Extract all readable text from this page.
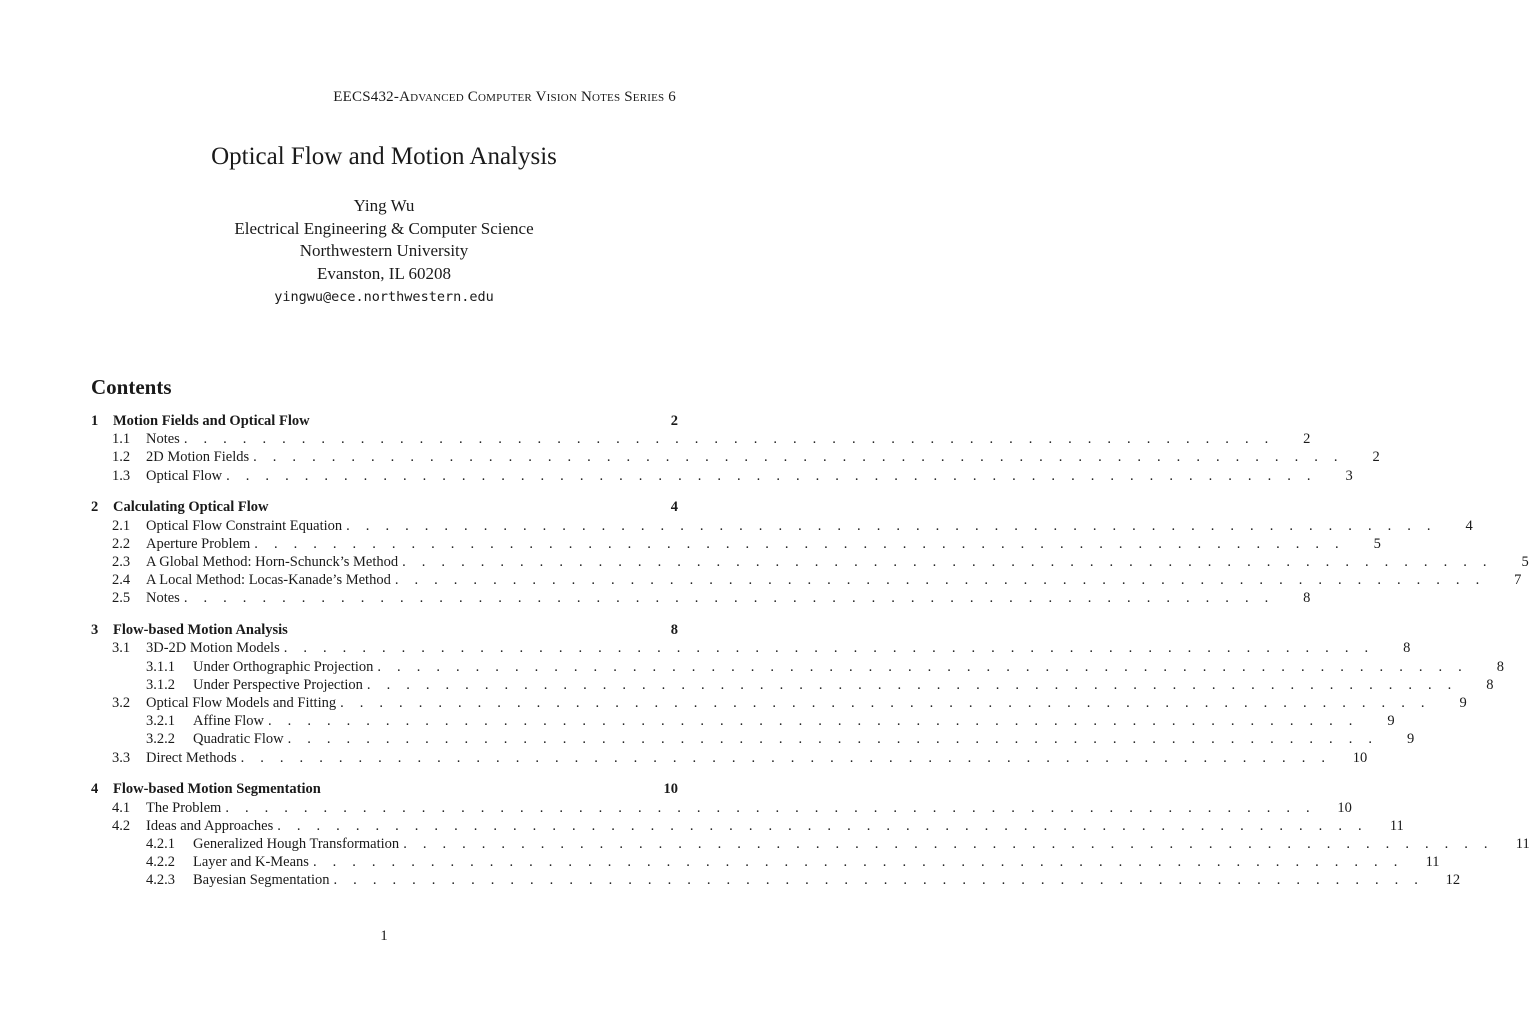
EECS432-Advanced Computer Vision Notes Series 6
Optical Flow and Motion Analysis
Ying Wu
Electrical Engineering & Computer Science
Northwestern University
Evanston, IL 60208
yingwu@ece.northwestern.edu
Contents
1	Motion Fields and Optical Flow	2
1.1	Notes . . . . . . . . . . . . . . . . . . . . . . . . . . . . . . . . . . . . . . . . . . . . . . . . . . . . . . . .	2
1.2	2D Motion Fields . . . . . . . . . . . . . . . . . . . . . . . . . . . . . . . . . . . . . . . . . . . . . . . . . . . . . . . .	2
1.3	Optical Flow . . . . . . . . . . . . . . . . . . . . . . . . . . . . . . . . . . . . . . . . . . . . . . . . . . . . . . . .	3
2	Calculating Optical Flow	4
2.1	Optical Flow Constraint Equation . . . . . . . . . . . . . . . . . . . . . . . . . . . . . . . . . . . . . . . . . . . . . . . . . . . . . . . .	4
2.2	Aperture Problem . . . . . . . . . . . . . . . . . . . . . . . . . . . . . . . . . . . . . . . . . . . . . . . . . . . . . . . .	5
2.3	A Global Method: Horn-Schunck’s Method . . . . . . . . . . . . . . . . . . . . . . . . . . . . . . . . . . . . . . . . . . . . . . . . . . . . . . . .	5
2.4	A Local Method: Locas-Kanade’s Method . . . . . . . . . . . . . . . . . . . . . . . . . . . . . . . . . . . . . . . . . . . . . . . . . . . . . . . .	7
2.5	Notes . . . . . . . . . . . . . . . . . . . . . . . . . . . . . . . . . . . . . . . . . . . . . . . . . . . . . . . .	8
3	Flow-based Motion Analysis	8
3.1	3D-2D Motion Models . . . . . . . . . . . . . . . . . . . . . . . . . . . . . . . . . . . . . . . . . . . . . . . . . . . . . . . .	8
3.1.1	Under Orthographic Projection . . . . . . . . . . . . . . . . . . . . . . . . . . . . . . . . . . . . . . . . . . . . . . . . . . . . . . . .	8
3.1.2	Under Perspective Projection . . . . . . . . . . . . . . . . . . . . . . . . . . . . . . . . . . . . . . . . . . . . . . . . . . . . . . . .	8
3.2	Optical Flow Models and Fitting . . . . . . . . . . . . . . . . . . . . . . . . . . . . . . . . . . . . . . . . . . . . . . . . . . . . . . . .	9
3.2.1	Affine Flow . . . . . . . . . . . . . . . . . . . . . . . . . . . . . . . . . . . . . . . . . . . . . . . . . . . . . . . .	9
3.2.2	Quadratic Flow . . . . . . . . . . . . . . . . . . . . . . . . . . . . . . . . . . . . . . . . . . . . . . . . . . . . . . . .	9
3.3	Direct Methods . . . . . . . . . . . . . . . . . . . . . . . . . . . . . . . . . . . . . . . . . . . . . . . . . . . . . . . .	10
4	Flow-based Motion Segmentation	10
4.1	The Problem . . . . . . . . . . . . . . . . . . . . . . . . . . . . . . . . . . . . . . . . . . . . . . . . . . . . . . . .	10
4.2	Ideas and Approaches . . . . . . . . . . . . . . . . . . . . . . . . . . . . . . . . . . . . . . . . . . . . . . . . . . . . . . . .	11
4.2.1	Generalized Hough Transformation . . . . . . . . . . . . . . . . . . . . . . . . . . . . . . . . . . . . . . . . . . . . . . . . . . . . . . . .	11
4.2.2	Layer and K-Means . . . . . . . . . . . . . . . . . . . . . . . . . . . . . . . . . . . . . . . . . . . . . . . . . . . . . . . .	11
4.2.3	Bayesian Segmentation . . . . . . . . . . . . . . . . . . . . . . . . . . . . . . . . . . . . . . . . . . . . . . . . . . . . . . . .	12
1
